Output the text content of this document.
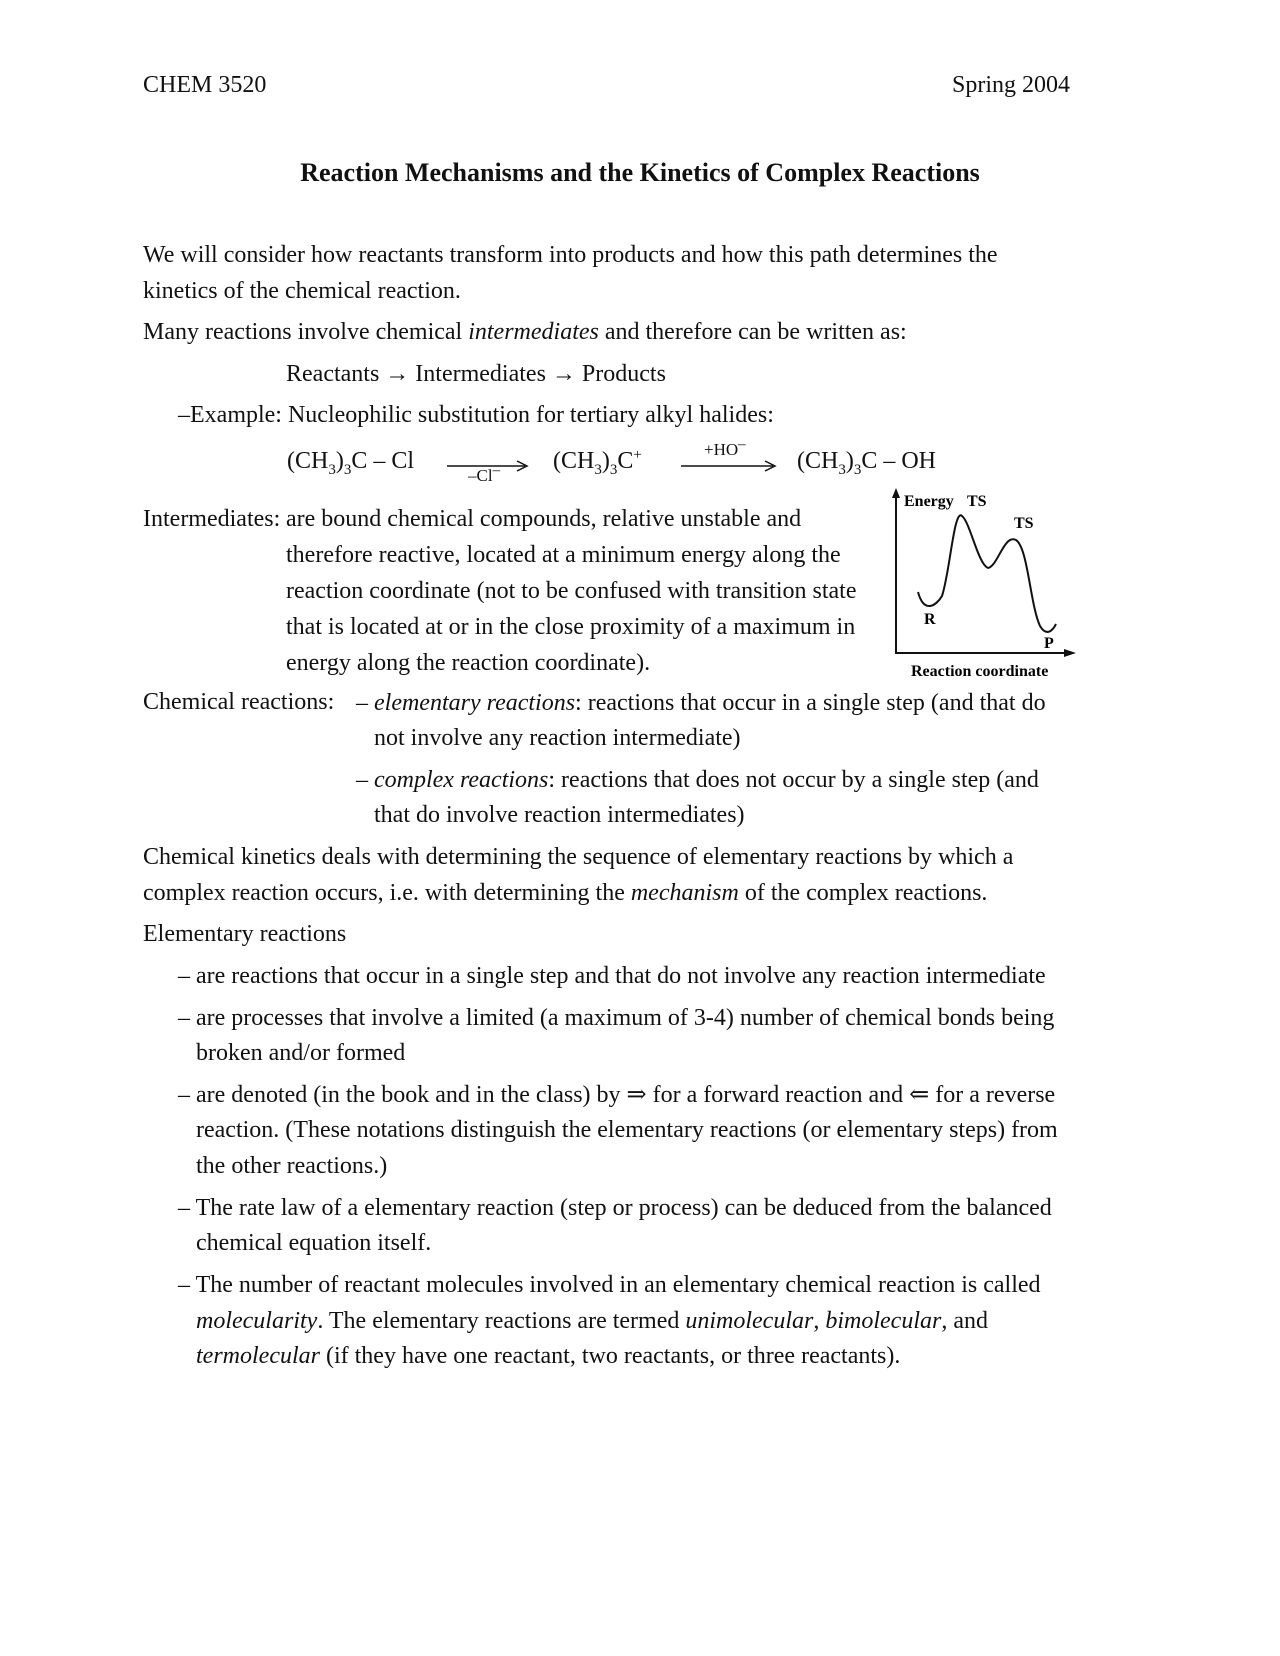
CHEM 3520	Spring 2004
Reaction Mechanisms and the Kinetics of Complex Reactions
We will consider how reactants transform into products and how this path determines the
kinetics of the chemical reaction.
Many reactions involve chemical intermediates and therefore can be written as:
Reactants → Intermediates → Products
–Example: Nucleophilic substitution for tertiary alkyl halides:
$(CH_3)_3C$ – Cl
–Cl– $(CH_3)_3C^+$	+HO–
$(CH_3)_3C$ – OH
Energy TS
TS
R
P
Reaction coordinate
Intermediates: are bound chemical compounds, relative unstable and
therefore reactive, located at a minimum energy along the
reaction coordinate (not to be confused with transition state
that is located at or in the close proximity of a maximum in
energy along the reaction coordinate).
Chemical reactions: – elementary reactions: reactions that occur in a single step (and that do
not involve any reaction intermediate)
– complex reactions: reactions that does not occur by a single step (and
that do involve reaction intermediates)
Chemical kinetics deals with determining the sequence of elementary reactions by which a
complex reaction occurs, i.e. with determining the mechanism of the complex reactions.
Elementary reactions
– are reactions that occur in a single step and that do not involve any reaction intermediate
– are processes that involve a limited (a maximum of 3-4) number of chemical bonds being
broken and/or formed
– are denoted (in the book and in the class) by ⇒ for a forward reaction and ⇐ for a reverse
reaction. (These notations distinguish the elementary reactions (or elementary steps) from
the other reactions.)
– The rate law of a elementary reaction (step or process) can be deduced from the balanced
chemical equation itself.
– The number of reactant molecules involved in an elementary chemical reaction is called
molecularity. The elementary reactions are termed unimolecular, bimolecular, and
termolecular (if they have one reactant, two reactants, or three reactants).
